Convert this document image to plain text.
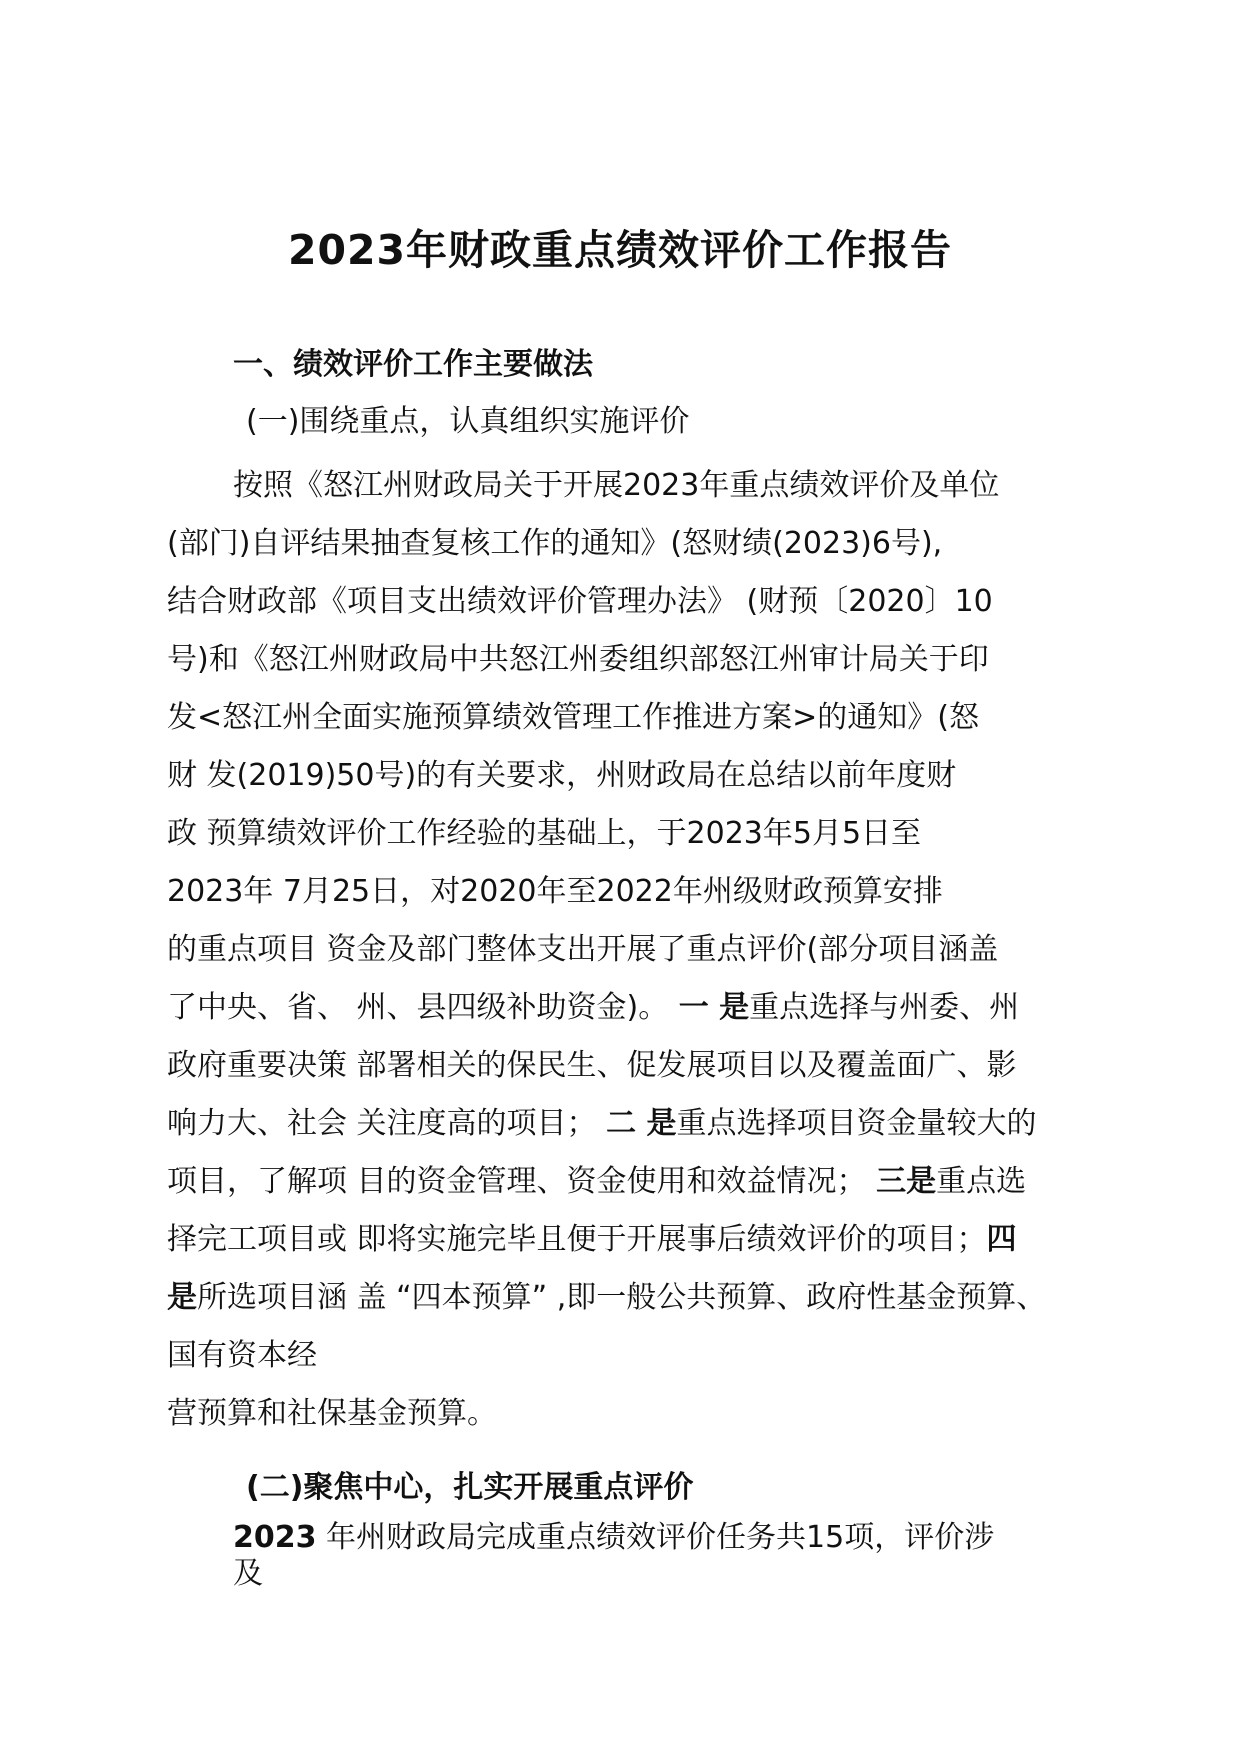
2023年财政重点绩效评价工作报告
一、绩效评价工作主要做法
(一)围绕重点，认真组织实施评价
按照《怒江州财政局关于开展2023年重点绩效评价及单位
(部门)自评结果抽查复核工作的通知》(怒财绩(2023)6号),
结合财政部《项目支出绩效评价管理办法》 (财预〔2020〕10
号)和《怒江州财政局中共怒江州委组织部怒江州审计局关于印
发<怒江州全面实施预算绩效管理工作推进方案>的通知》(怒
财 发(2019)50号)的有关要求，州财政局在总结以前年度财
政 预算绩效评价工作经验的基础上，于2023年5月5日至
2023年 7月25日，对2020年至2022年州级财政预算安排
的重点项目 资金及部门整体支出开展了重点评价(部分项目涵盖
了中央、省、 州、县四级补助资金)。 一 是重点选择与州委、州
政府重要决策 部署相关的保民生、促发展项目以及覆盖面广、影
响力大、社会 关注度高的项目； 二 是重点选择项目资金量较大的
项目，了解项 目的资金管理、资金使用和效益情况； 三是重点选
择完工项目或 即将实施完毕且便于开展事后绩效评价的项目；四
是所选项目涵 盖 “四本预算” ,即一般公共预算、政府性基金预算、
国有资本经
营预算和社保基金预算。
(二)聚焦中心，扎实开展重点评价
2023 年州财政局完成重点绩效评价任务共15项，评价涉
及
